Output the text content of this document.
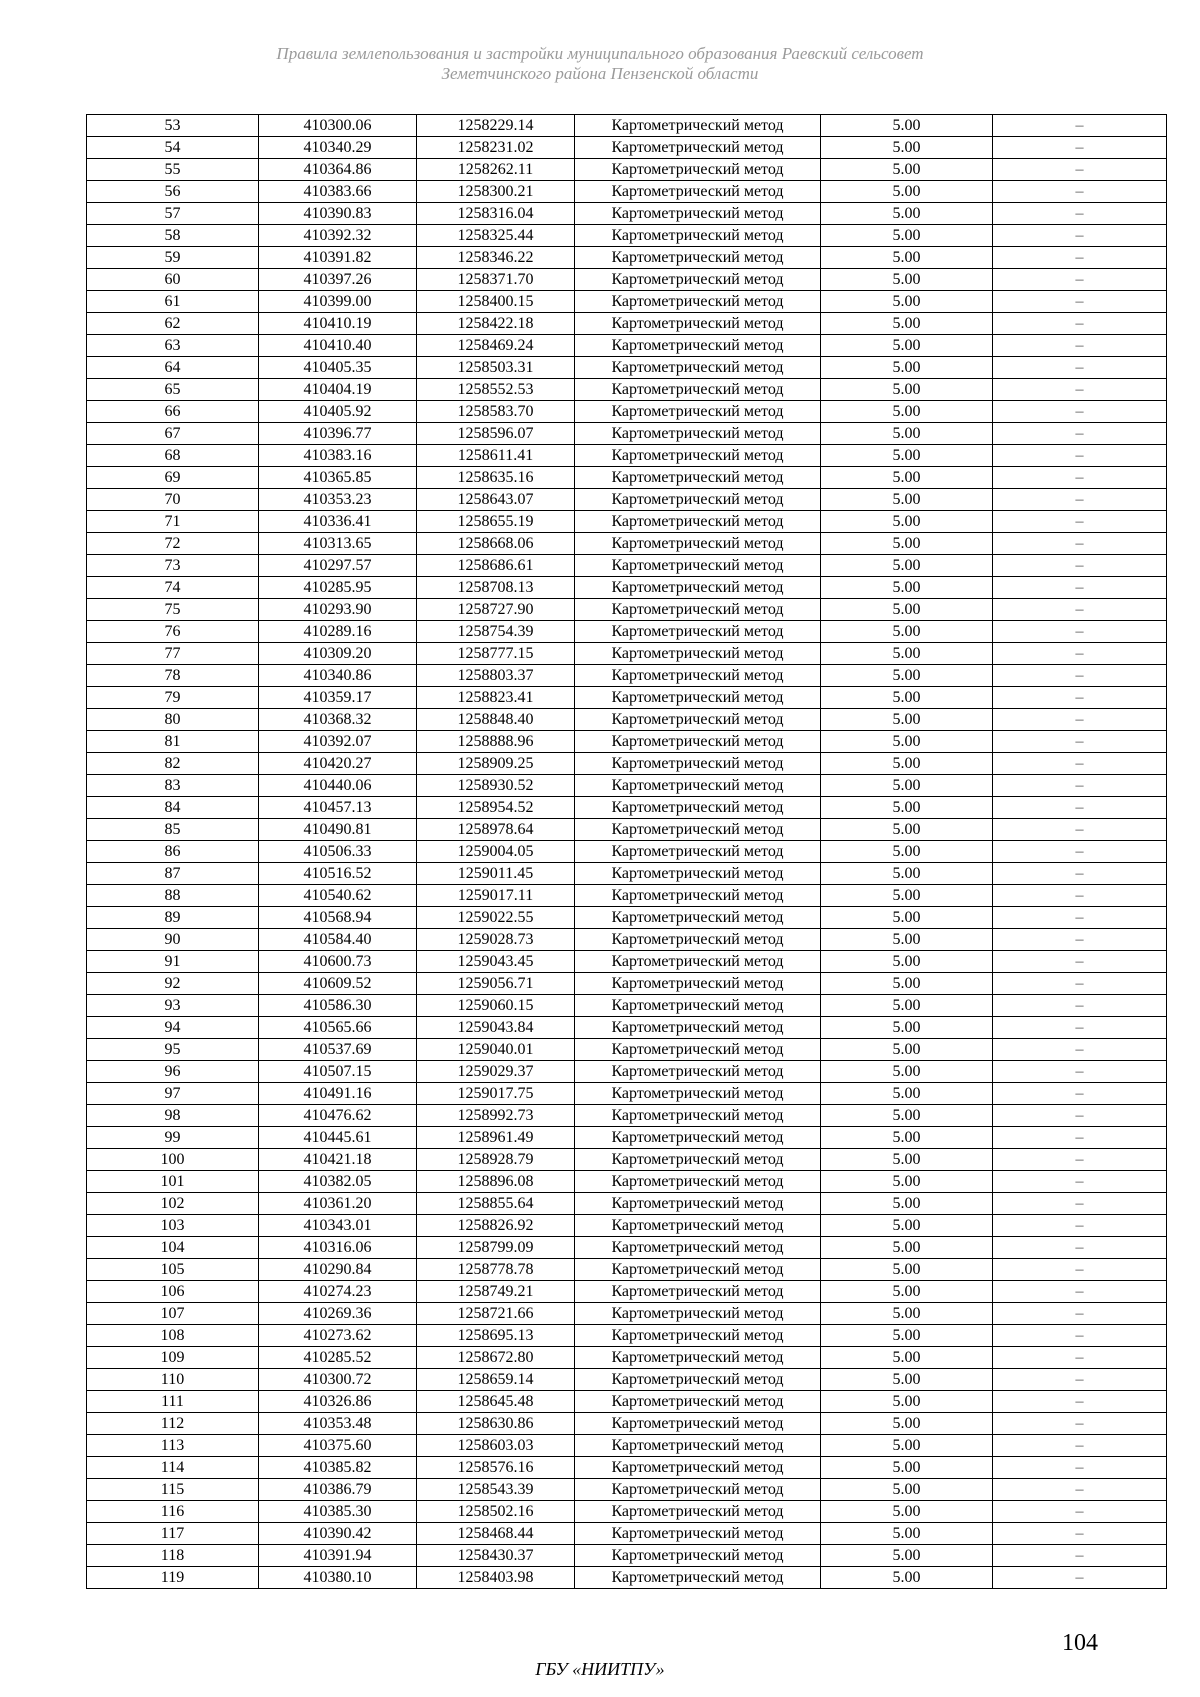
Правила землепользования и застройки муниципального образования Раевский сельсовет
Земетчинского района Пензенской области
53	410300.06	1258229.14	Картометрический метод	5.00	–
54	410340.29	1258231.02	Картометрический метод	5.00	–
55	410364.86	1258262.11	Картометрический метод	5.00	–
56	410383.66	1258300.21	Картометрический метод	5.00	–
57	410390.83	1258316.04	Картометрический метод	5.00	–
58	410392.32	1258325.44	Картометрический метод	5.00	–
59	410391.82	1258346.22	Картометрический метод	5.00	–
60	410397.26	1258371.70	Картометрический метод	5.00	–
61	410399.00	1258400.15	Картометрический метод	5.00	–
62	410410.19	1258422.18	Картометрический метод	5.00	–
63	410410.40	1258469.24	Картометрический метод	5.00	–
64	410405.35	1258503.31	Картометрический метод	5.00	–
65	410404.19	1258552.53	Картометрический метод	5.00	–
66	410405.92	1258583.70	Картометрический метод	5.00	–
67	410396.77	1258596.07	Картометрический метод	5.00	–
68	410383.16	1258611.41	Картометрический метод	5.00	–
69	410365.85	1258635.16	Картометрический метод	5.00	–
70	410353.23	1258643.07	Картометрический метод	5.00	–
71	410336.41	1258655.19	Картометрический метод	5.00	–
72	410313.65	1258668.06	Картометрический метод	5.00	–
73	410297.57	1258686.61	Картометрический метод	5.00	–
74	410285.95	1258708.13	Картометрический метод	5.00	–
75	410293.90	1258727.90	Картометрический метод	5.00	–
76	410289.16	1258754.39	Картометрический метод	5.00	–
77	410309.20	1258777.15	Картометрический метод	5.00	–
78	410340.86	1258803.37	Картометрический метод	5.00	–
79	410359.17	1258823.41	Картометрический метод	5.00	–
80	410368.32	1258848.40	Картометрический метод	5.00	–
81	410392.07	1258888.96	Картометрический метод	5.00	–
82	410420.27	1258909.25	Картометрический метод	5.00	–
83	410440.06	1258930.52	Картометрический метод	5.00	–
84	410457.13	1258954.52	Картометрический метод	5.00	–
85	410490.81	1258978.64	Картометрический метод	5.00	–
86	410506.33	1259004.05	Картометрический метод	5.00	–
87	410516.52	1259011.45	Картометрический метод	5.00	–
88	410540.62	1259017.11	Картометрический метод	5.00	–
89	410568.94	1259022.55	Картометрический метод	5.00	–
90	410584.40	1259028.73	Картометрический метод	5.00	–
91	410600.73	1259043.45	Картометрический метод	5.00	–
92	410609.52	1259056.71	Картометрический метод	5.00	–
93	410586.30	1259060.15	Картометрический метод	5.00	–
94	410565.66	1259043.84	Картометрический метод	5.00	–
95	410537.69	1259040.01	Картометрический метод	5.00	–
96	410507.15	1259029.37	Картометрический метод	5.00	–
97	410491.16	1259017.75	Картометрический метод	5.00	–
98	410476.62	1258992.73	Картометрический метод	5.00	–
99	410445.61	1258961.49	Картометрический метод	5.00	–
100	410421.18	1258928.79	Картометрический метод	5.00	–
101	410382.05	1258896.08	Картометрический метод	5.00	–
102	410361.20	1258855.64	Картометрический метод	5.00	–
103	410343.01	1258826.92	Картометрический метод	5.00	–
104	410316.06	1258799.09	Картометрический метод	5.00	–
105	410290.84	1258778.78	Картометрический метод	5.00	–
106	410274.23	1258749.21	Картометрический метод	5.00	–
107	410269.36	1258721.66	Картометрический метод	5.00	–
108	410273.62	1258695.13	Картометрический метод	5.00	–
109	410285.52	1258672.80	Картометрический метод	5.00	–
110	410300.72	1258659.14	Картометрический метод	5.00	–
111	410326.86	1258645.48	Картометрический метод	5.00	–
112	410353.48	1258630.86	Картометрический метод	5.00	–
113	410375.60	1258603.03	Картометрический метод	5.00	–
114	410385.82	1258576.16	Картометрический метод	5.00	–
115	410386.79	1258543.39	Картометрический метод	5.00	–
116	410385.30	1258502.16	Картометрический метод	5.00	–
117	410390.42	1258468.44	Картометрический метод	5.00	–
118	410391.94	1258430.37	Картометрический метод	5.00	–
119	410380.10	1258403.98	Картометрический метод	5.00	–
104
ГБУ «НИИТПУ»
